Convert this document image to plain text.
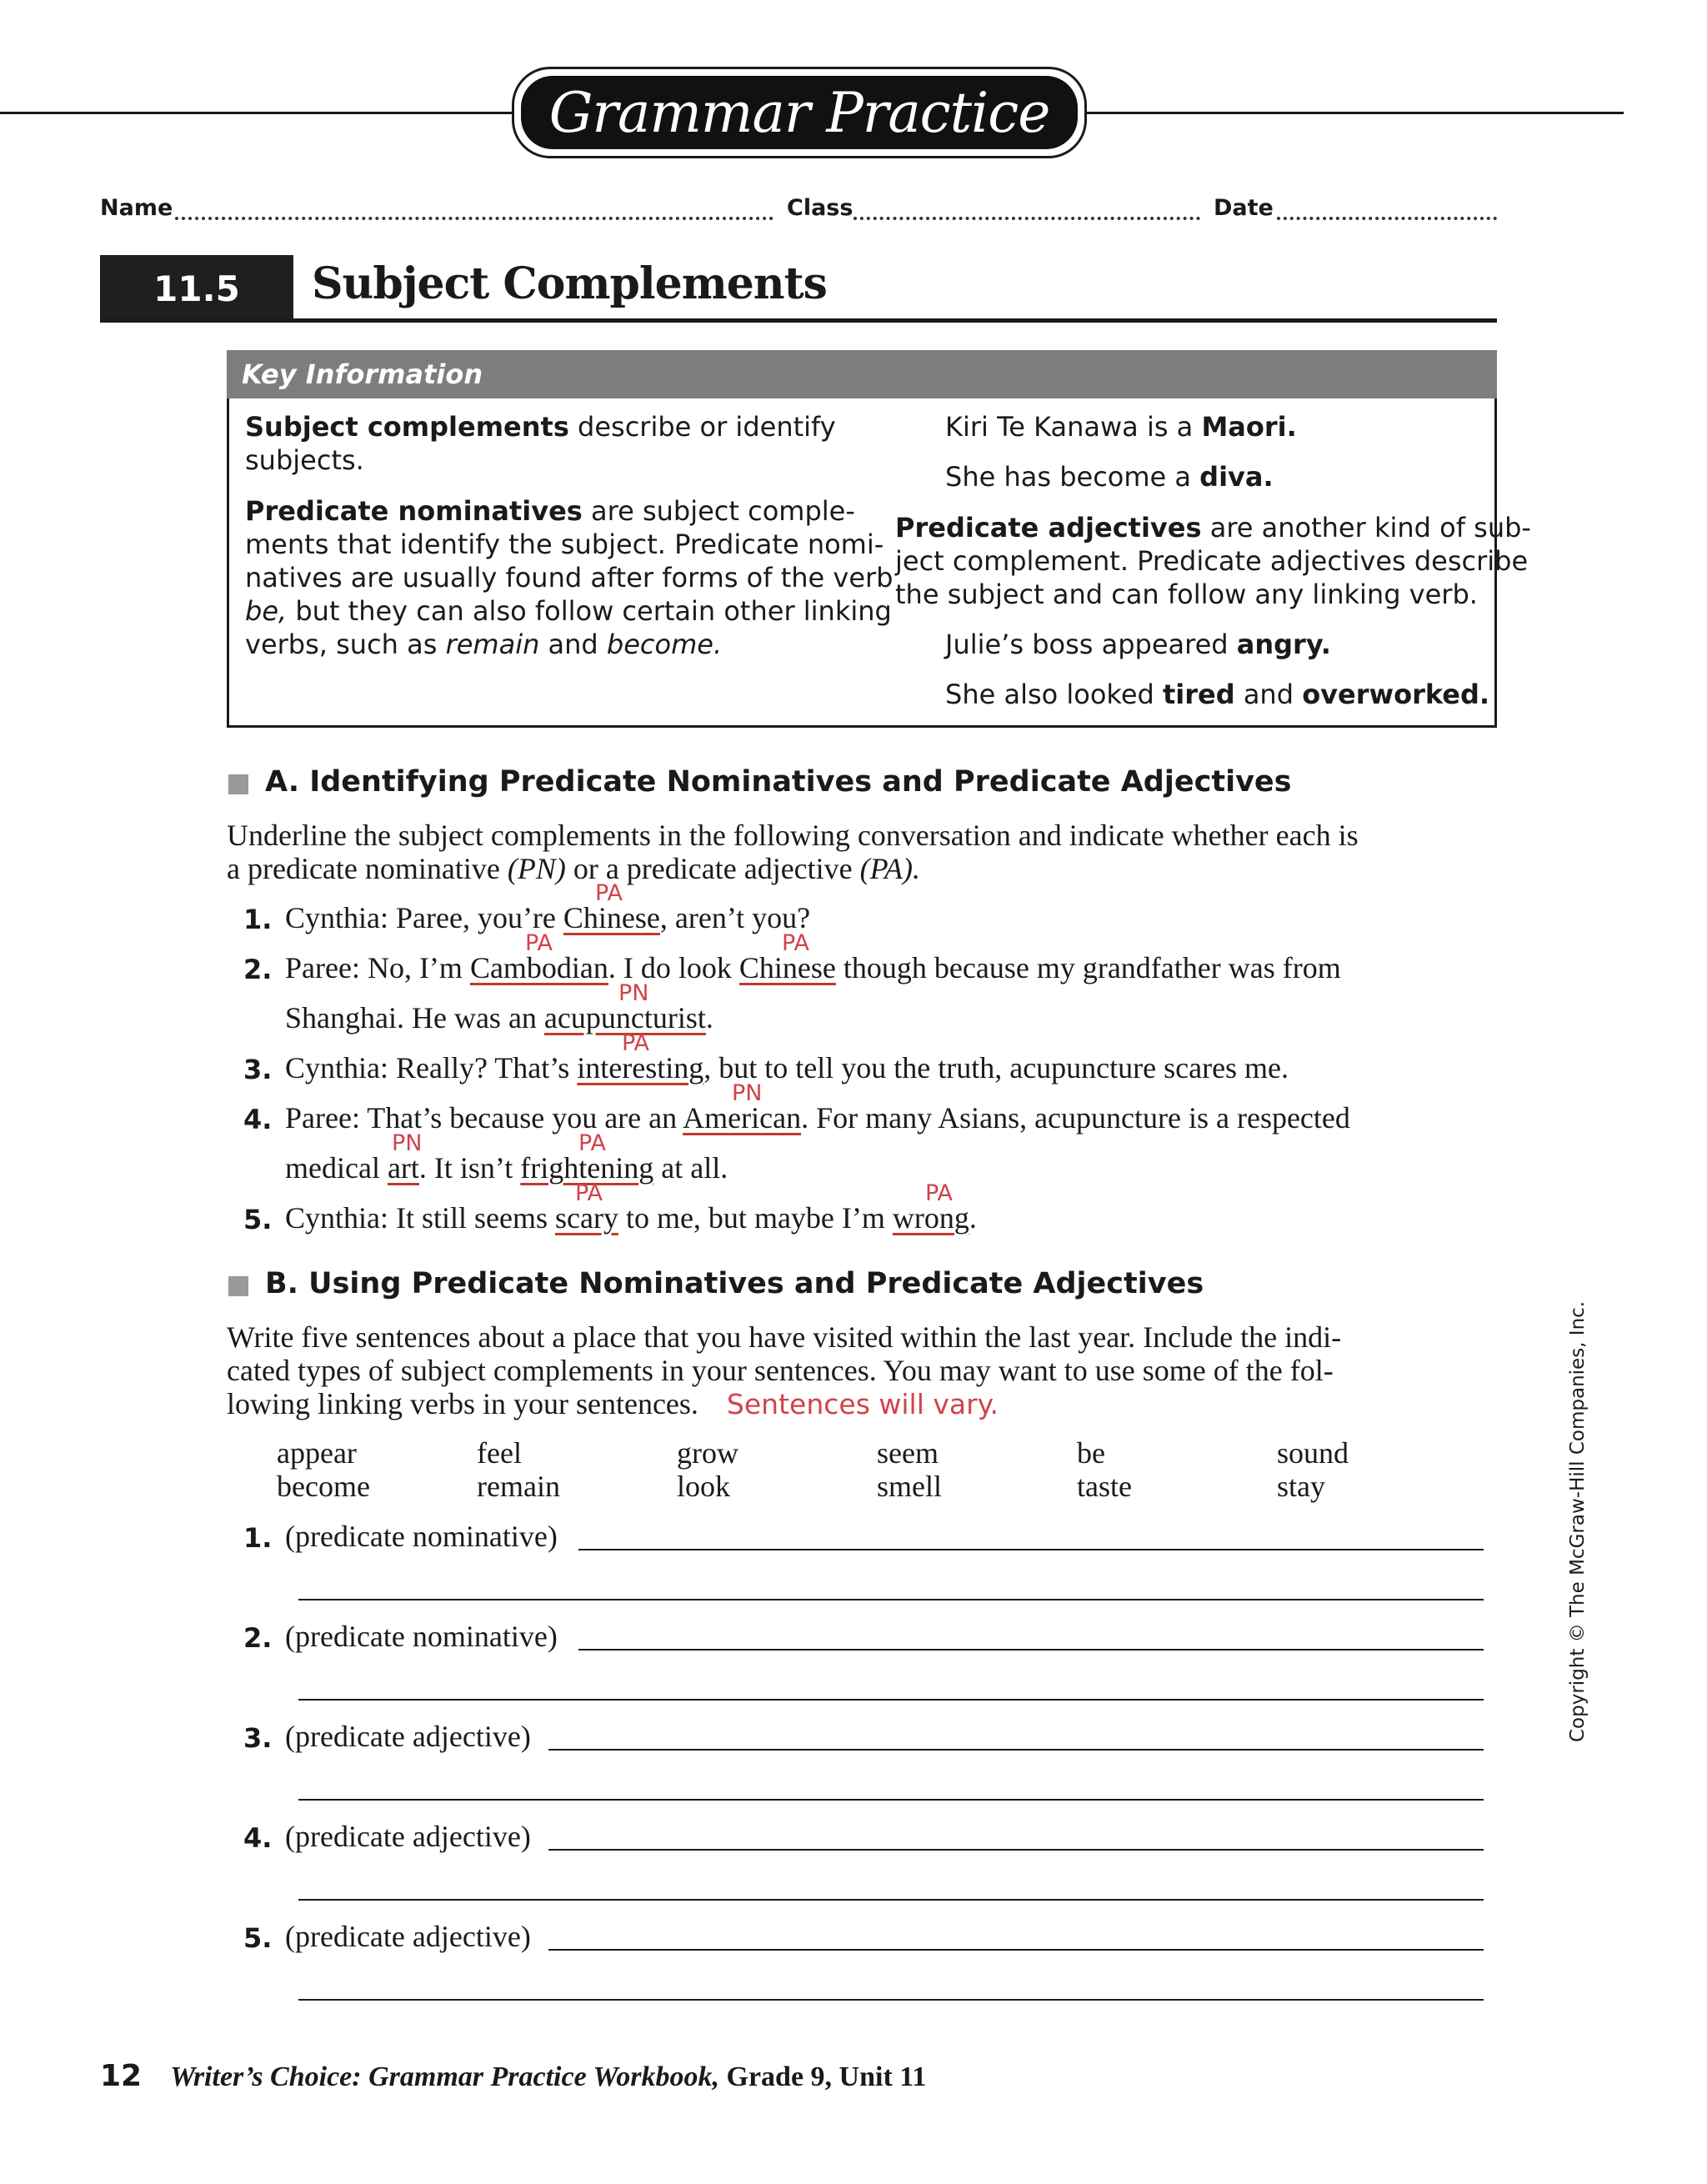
Grammar Practice
Name	Class	Date
11.5	Subject Complements
Key Information
Subject complements describe or identify
subjects.
Predicate nominatives are subject comple-
ments that identify the subject. Predicate nomi-
natives are usually found after forms of the verb
be, but they can also follow certain other linking
verbs, such as remain and become.
Kiri Te Kanawa is a Maori.
She has become a diva.
Predicate adjectives are another kind of sub-
ject complement. Predicate adjectives describe
the subject and can follow any linking verb.
Julie’s boss appeared angry.
She also looked tired and overworked.
A. Identifying Predicate Nominatives and Predicate Adjectives
Underline the subject complements in the following conversation and indicate whether each is
a predicate nominative (PN) or a predicate adjective (PA).
1.
PA
Cynthia: Paree, you’re Chinese, aren’t you?
2.
PA	PA
Paree: No, I’m Cambodian. I do look Chinese though because my grandfather was from
PN
Shanghai. He was an acupuncturist.
3.
PA
Cynthia: Really? That’s interesting, but to tell you the truth, acupuncture scares me.
4.
PN
Paree: That’s because you are an American. For many Asians, acupuncture is a respected
PN	PA
medical art. It isn’t frightening at all.
5.
PA	PA
Cynthia: It still seems scary to me, but maybe I’m wrong.
B. Using Predicate Nominatives and Predicate Adjectives
Write five sentences about a place that you have visited within the last year. Include the indi-
cated types of subject complements in your sentences. You may want to use some of the fol-
lowing linking verbs in your sentences. Sentences will vary.
appear	feel	grow	seem	be	sound
become	remain	look	smell	taste	stay
1. (predicate nominative)
2. (predicate nominative)
3. (predicate adjective)
4. (predicate adjective)
5. (predicate adjective)
Copyright © The McGraw-Hill Companies, Inc.
12 Writer’s Choice: Grammar Practice Workbook, Grade 9, Unit 11
